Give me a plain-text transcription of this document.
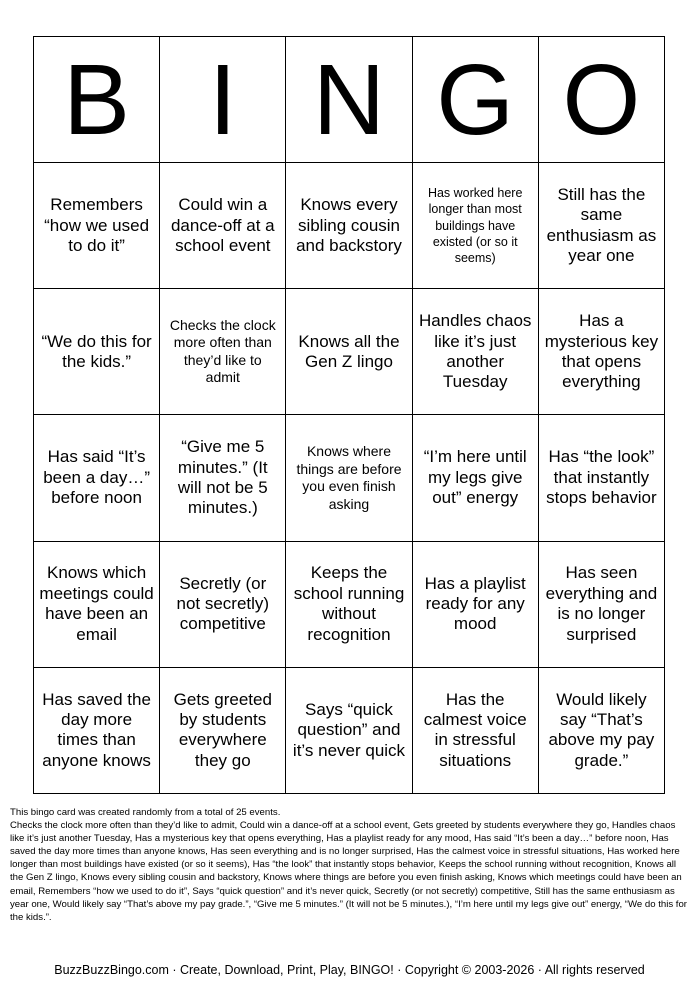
B I N G O
Remembers “how we used to do it”
Could win a dance-off at a school event
Knows every sibling cousin and backstory
Has worked here longer than most buildings have existed (or so it seems)
Still has the same enthusiasm as year one
“We do this for the kids.”
Checks the clock more often than they’d like to admit
Knows all the Gen Z lingo
Handles chaos like it’s just another Tuesday
Has a mysterious key that opens everything
Has said “It’s been a day…” before noon
“Give me 5 minutes.” (It will not be 5 minutes.)
Knows where things are before you even finish asking
“I’m here until my legs give out” energy
Has “the look” that instantly stops behavior
Knows which meetings could have been an email
Secretly (or not secretly) competitive
Keeps the school running without recognition
Has a playlist ready for any mood
Has seen everything and is no longer surprised
Has saved the day more times than anyone knows
Gets greeted by students everywhere they go
Says “quick question” and it’s never quick
Has the calmest voice in stressful situations
Would likely say “That’s above my pay grade.”

This bingo card was created randomly from a total of 25 events.

Checks the clock more often than they’d like to admit, Could win a dance-off at a school event, Gets greeted by students everywhere they go, Handles chaos like it’s just another Tuesday, Has a mysterious key that opens everything, Has a playlist ready for any mood, Has said “It’s been a day…” before noon, Has saved the day more times than anyone knows, Has seen everything and is no longer surprised, Has the calmest voice in stressful situations, Has worked here longer than most buildings have existed (or so it seems), Has “the look” that instantly stops behavior, Keeps the school running without recognition, Knows all the Gen Z lingo, Knows every sibling cousin and backstory, Knows where things are before you even finish asking, Knows which meetings could have been an email, Remembers “how we used to do it”, Says “quick question” and it’s never quick, Secretly (or not secretly) competitive, Still has the same enthusiasm as year one, Would likely say “That’s above my pay grade.”, “Give me 5 minutes.” (It will not be 5 minutes.), “I’m here until my legs give out” energy, “We do this for the kids.”.

BuzzBuzzBingo.com · Create, Download, Print, Play, BINGO! · Copyright © 2003-2026 · All rights reserved
